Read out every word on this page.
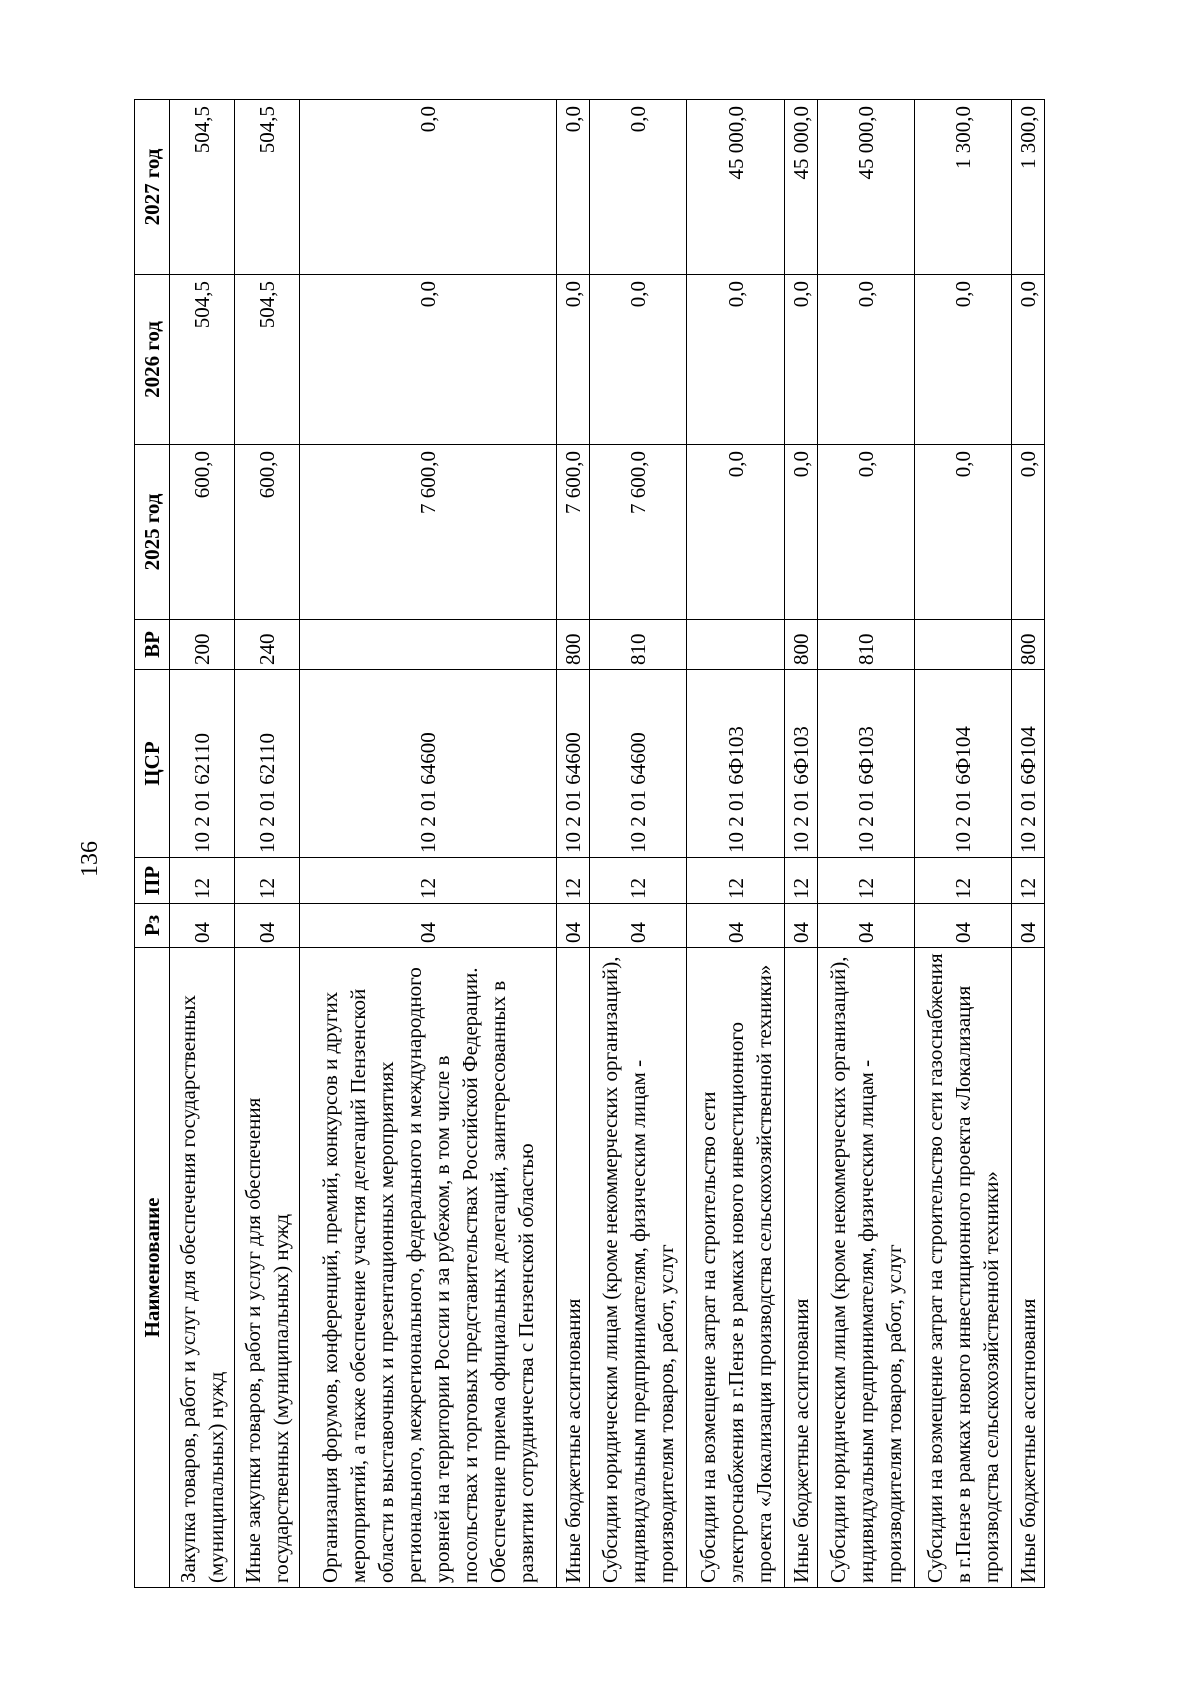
136
Наименование	Рз	ПР	ЦСР	ВР	2025 год	2026 год	2027 год
Закупка товаров, работ и услуг для обеспечения государственных (муниципальных) нужд	04	12	10 2 01 62110	200	600,0	504,5	504,5
Иные закупки товаров, работ и услуг для обеспечения государственных (муниципальных) нужд	04	12	10 2 01 62110	240	600,0	504,5	504,5
Организация форумов, конференций, премий, конкурсов и других мероприятий, а также обеспечение участия делегаций Пензенской области в выставочных и презентационных мероприятиях регионального, межрегионального, федерального и международного уровней на территории России и за рубежом, в том числе в посольствах и торговых представительствах Российской Федерации. Обеспечение приема официальных делегаций, заинтересованных в развитии сотрудничества с Пензенской областью	04	12	10 2 01 64600		7 600,0	0,0	0,0
Иные бюджетные ассигнования	04	12	10 2 01 64600	800	7 600,0	0,0	0,0
Субсидии юридическим лицам (кроме некоммерческих организаций), индивидуальным предпринимателям, физическим лицам - производителям товаров, работ, услуг	04	12	10 2 01 64600	810	7 600,0	0,0	0,0
Субсидии на возмещение затрат на строительство сети электроснабжения в г.Пензе в рамках нового инвестиционного проекта «Локализация производства сельскохозяйственной техники»	04	12	10 2 01 6Ф103		0,0	0,0	45 000,0
Иные бюджетные ассигнования	04	12	10 2 01 6Ф103	800	0,0	0,0	45 000,0
Субсидии юридическим лицам (кроме некоммерческих организаций), индивидуальным предпринимателям, физическим лицам - производителям товаров, работ, услуг	04	12	10 2 01 6Ф103	810	0,0	0,0	45 000,0
Субсидии на возмещение затрат на строительство сети газоснабжения в г.Пензе в рамках нового инвестиционного проекта «Локализация производства сельскохозяйственной техники»	04	12	10 2 01 6Ф104		0,0	0,0	1 300,0
Иные бюджетные ассигнования	04	12	10 2 01 6Ф104	800	0,0	0,0	1 300,0
